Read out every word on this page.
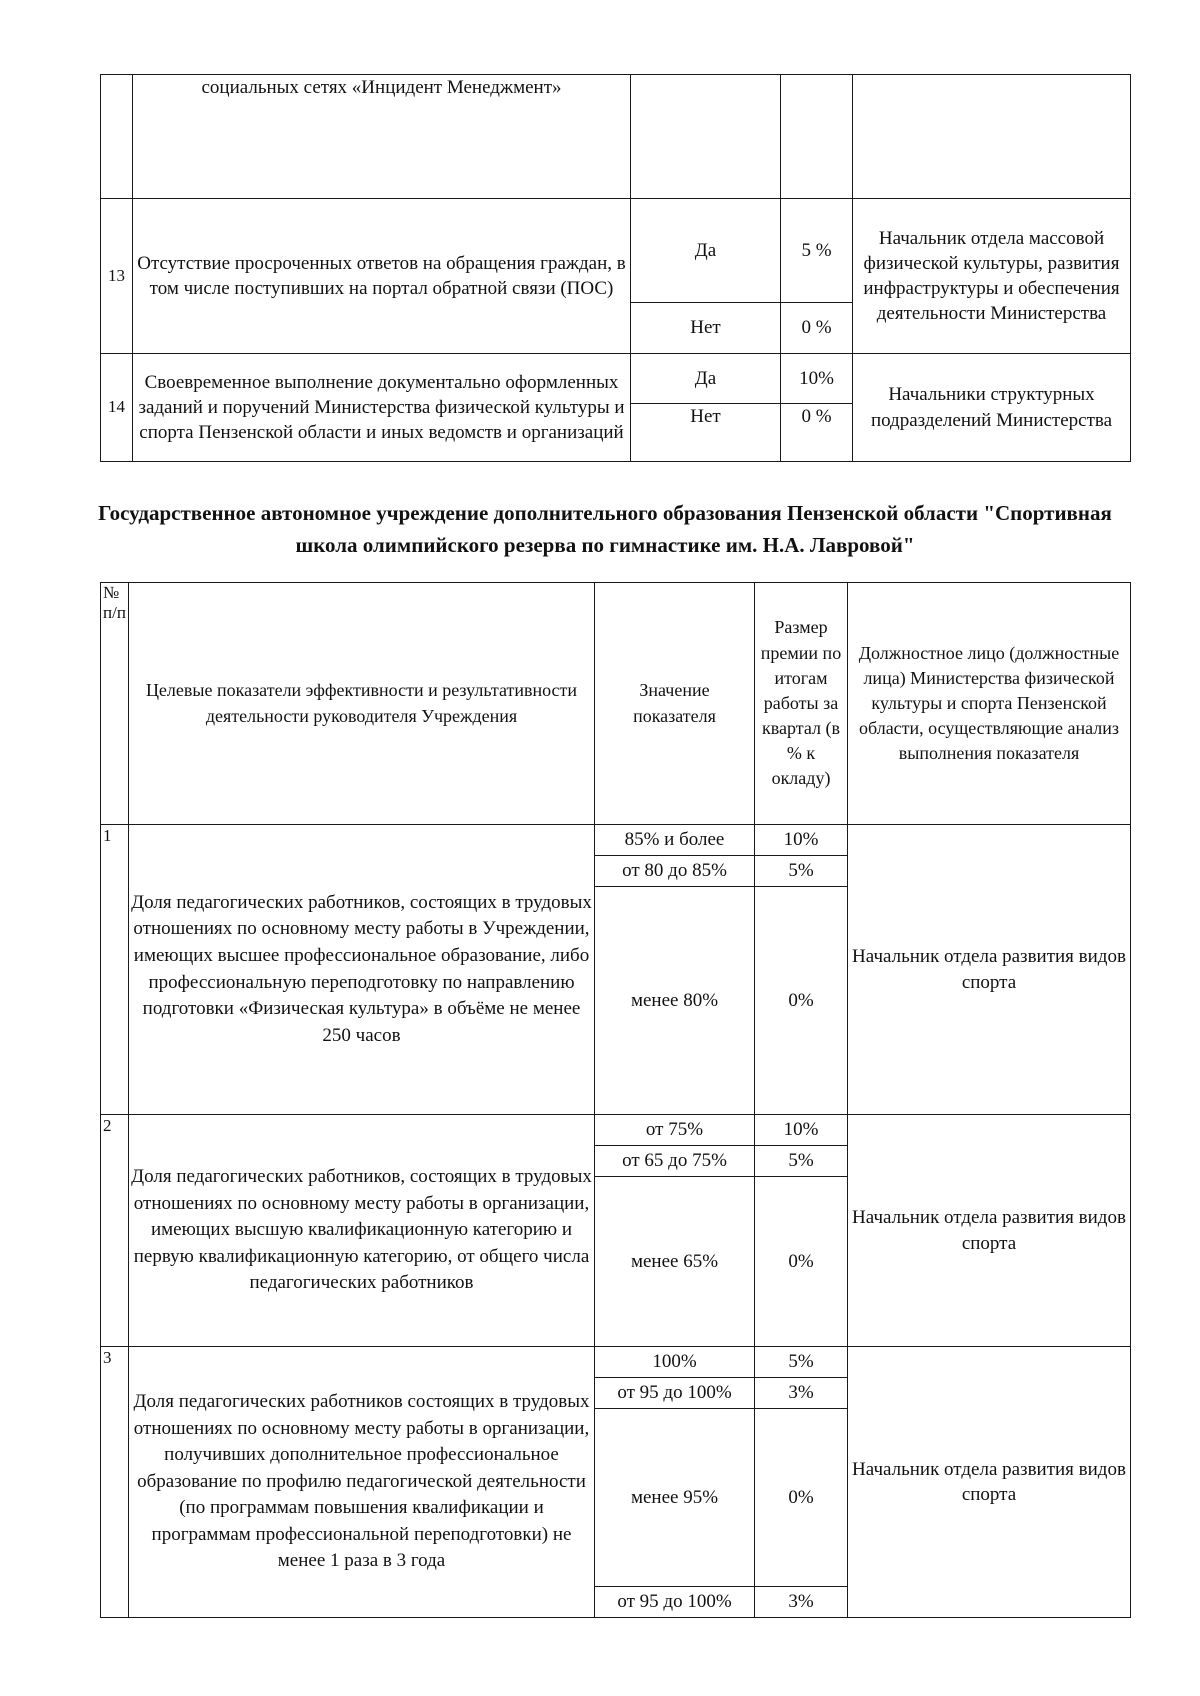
	социальных сетях «Инцидент Менеджмент»			
13	Отсутствие просроченных ответов на обращения граждан, в том числе поступивших на портал обратной связи (ПОС)	Да	5 %	Начальник отдела массовой физической культуры, развития инфраструктуры и обеспечения деятельности Министерства
		Нет	0 %	
14	Своевременное выполнение документально оформленных заданий и поручений Министерства физической культуры и спорта Пензенской области и иных ведомств и организаций	Да	10%	Начальники структурных подразделений Министерства
		Нет	0 %	
Государственное автономное учреждение дополнительного образования Пензенской области "Спортивная школа олимпийского резерва по гимнастике им. Н.А. Лавровой"
№ п/п	Целевые показатели эффективности и результативности деятельности руководителя Учреждения	Значение показателя	Размер премии по итогам работы за квартал (в % к окладу)	Должностное лицо (должностные лица) Министерства физической культуры и спорта Пензенской области, осуществляющие анализ выполнения показателя
1	Доля педагогических работников, состоящих в трудовых отношениях по основному месту работы в Учреждении, имеющих высшее профессиональное образование, либо профессиональную переподготовку по направлению подготовки «Физическая культура» в объёме не менее 250 часов	85% и более	10%	Начальник отдела развития видов спорта
		от 80 до 85%	5%	
		менее 80%	0%	
2	Доля педагогических работников, состоящих в трудовых отношениях по основному месту работы в организации, имеющих высшую квалификационную категорию и первую квалификационную категорию, от общего числа педагогических работников	от 75%	10%	Начальник отдела развития видов спорта
		от 65 до 75%	5%	
		менее 65%	0%	
3	Доля педагогических работников состоящих в трудовых отношениях по основному месту работы в организации, получивших дополнительное профессиональное образование по профилю педагогической деятельности (по программам повышения квалификации и программам профессиональной переподготовки) не менее 1 раза в 3 года	100%	5%	Начальник отдела развития видов спорта
		от 95 до 100%	3%	
		менее 95%	0%	
		от 95 до 100%	3%	
